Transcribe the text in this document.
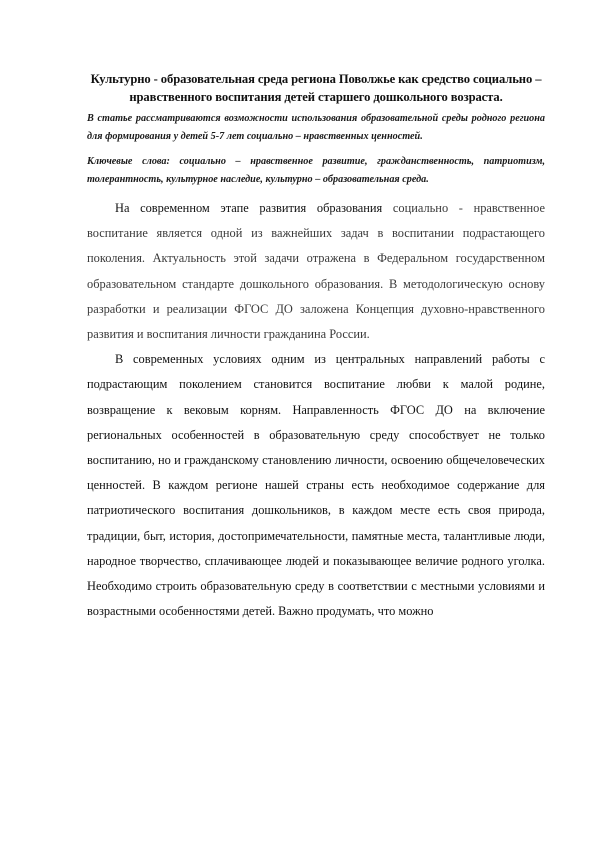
Культурно - образовательная среда региона Поволжье как средство социально – нравственного воспитания детей старшего дошкольного возраста.

В статье рассматриваются возможности использования образовательной среды родного региона для формирования у детей 5-7 лет социально – нравственных ценностей.

Ключевые слова: социально – нравственное развитие, гражданственность, патриотизм, толерантность, культурное наследие, культурно – образовательная среда.

На современном этапе развития образования социально - нравственное воспитание является одной из важнейших задач в воспитании подрастающего поколения. Актуальность этой задачи отражена в Федеральном государственном образовательном стандарте дошкольного образования. В методологическую основу разработки и реализации ФГОС ДО заложена Концепция духовно-нравственного развития и воспитания личности гражданина России.

В современных условиях одним из центральных направлений работы с подрастающим поколением становится воспитание любви к малой родине, возвращение к вековым корням. Направленность ФГОС ДО на включение региональных особенностей в образовательную среду способствует не только воспитанию, но и гражданскому становлению личности, освоению общечеловеческих ценностей. В каждом регионе нашей страны есть необходимое содержание для патриотического воспитания дошкольников, в каждом месте есть своя природа, традиции, быт, история, достопримечательности, памятные места, талантливые люди, народное творчество, сплачивающее людей и показывающее величие родного уголка. Необходимо строить образовательную среду в соответствии с местными условиями и возрастными особенностями детей. Важно продумать, что можно
